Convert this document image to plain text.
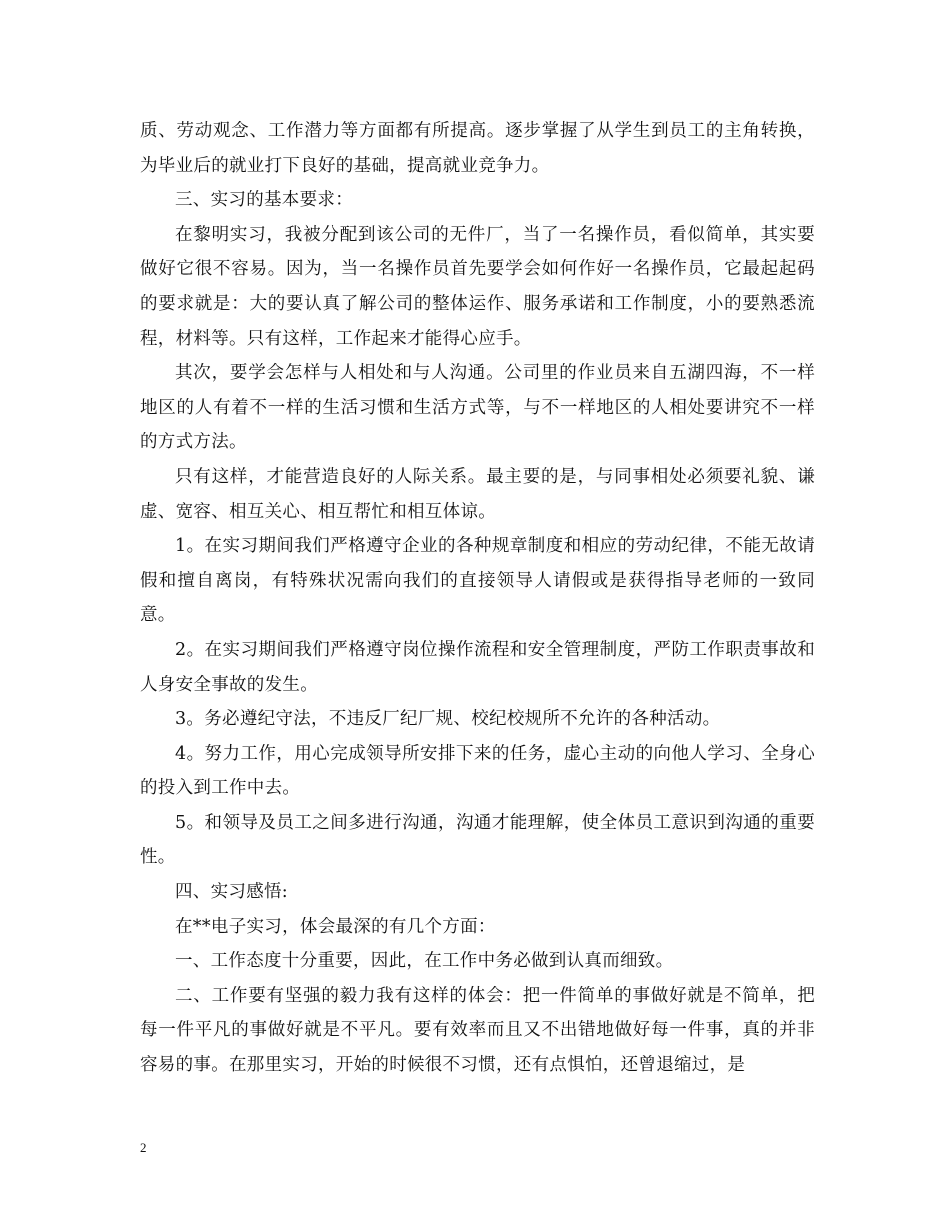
质、劳动观念、工作潜力等方面都有所提高。逐步掌握了从学生到员工的主角转换，为毕业后的就业打下良好的基础，提高就业竞争力。

三、实习的基本要求：

在黎明实习，我被分配到该公司的无件厂，当了一名操作员，看似简单，其实要做好它很不容易。因为，当一名操作员首先要学会如何作好一名操作员，它最起起码的要求就是：大的要认真了解公司的整体运作、服务承诺和工作制度，小的要熟悉流程，材料等。只有这样，工作起来才能得心应手。

其次，要学会怎样与人相处和与人沟通。公司里的作业员来自五湖四海，不一样地区的人有着不一样的生活习惯和生活方式等，与不一样地区的人相处要讲究不一样的方式方法。

只有这样，才能营造良好的人际关系。最主要的是，与同事相处必须要礼貌、谦虚、宽容、相互关心、相互帮忙和相互体谅。

1。在实习期间我们严格遵守企业的各种规章制度和相应的劳动纪律，不能无故请假和擅自离岗，有特殊状况需向我们的直接领导人请假或是获得指导老师的一致同意。

2。在实习期间我们严格遵守岗位操作流程和安全管理制度，严防工作职责事故和人身安全事故的发生。

3。务必遵纪守法，不违反厂纪厂规、校纪校规所不允许的各种活动。

4。努力工作，用心完成领导所安排下来的任务，虚心主动的向他人学习、全身心的投入到工作中去。

5。和领导及员工之间多进行沟通，沟通才能理解，使全体员工意识到沟通的重要性。

四、实习感悟:

在**电子实习，体会最深的有几个方面：

一、工作态度十分重要，因此，在工作中务必做到认真而细致。

二、工作要有坚强的毅力我有这样的体会：把一件简单的事做好就是不简单，把每一件平凡的事做好就是不平凡。要有效率而且又不出错地做好每一件事，真的并非容易的事。在那里实习，开始的时候很不习惯，还有点惧怕，还曾退缩过，是

2
